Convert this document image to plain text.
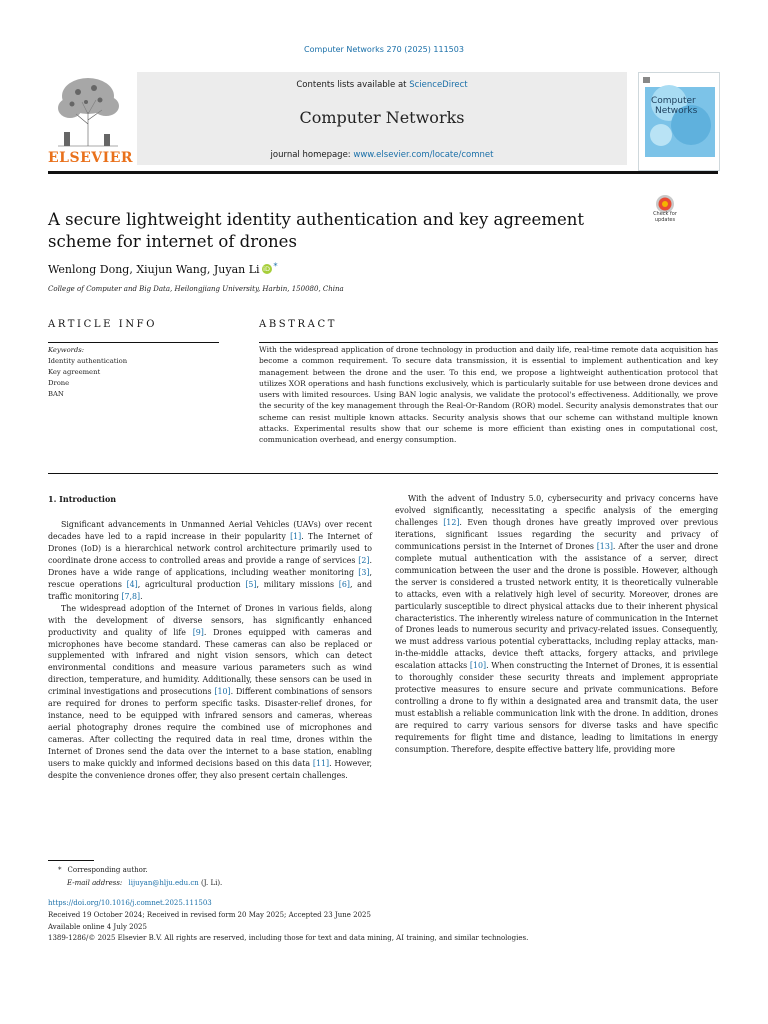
Computer Networks 270 (2025) 111503
ELSEVIER
Contents lists available at ScienceDirect
Computer Networks
journal homepage: www.elsevier.com/locate/comnet
Computer
Networks
Check for
updates
A secure lightweight identity authentication and key agreement scheme for internet of drones
Wenlong Dong, Xiujun Wang, Juyan Li iD *
College of Computer and Big Data, Heilongjiang University, Harbin, 150080, China
ARTICLE INFO	ABSTRACT
Keywords:
Identity authentication
Key agreement
Drone
BAN
With the widespread application of drone technology in production and daily life, real-time remote data acquisition has become a common requirement. To secure data transmission, it is essential to implement authentication and key management between the drone and the user. To this end, we propose a lightweight authentication protocol that utilizes XOR operations and hash functions exclusively, which is particularly suitable for use between drone devices and users with limited resources. Using BAN logic analysis, we validate the protocol's effectiveness. Additionally, we prove the security of the key management through the Real-Or-Random (ROR) model. Security analysis demonstrates that our scheme can resist multiple known attacks. Security analysis shows that our scheme can withstand multiple known attacks. Experimental results show that our scheme is more efficient than existing ones in computational cost, communication overhead, and energy consumption.
1. Introduction

Significant advancements in Unmanned Aerial Vehicles (UAVs) over recent decades have led to a rapid increase in their popularity [1]. The Internet of Drones (IoD) is a hierarchical network control architecture primarily used to coordinate drone access to controlled areas and provide a range of services [2]. Drones have a wide range of applications, including weather monitoring [3], rescue operations [4], agricultural production [5], military missions [6], and traffic monitoring [7,8].

The widespread adoption of the Internet of Drones in various fields, along with the development of diverse sensors, has significantly enhanced productivity and quality of life [9]. Drones equipped with cameras and microphones have become standard. These cameras can also be replaced or supplemented with infrared and night vision sensors, which can detect environmental conditions and measure various parameters such as wind direction, temperature, and humidity. Additionally, these sensors can be used in criminal investigations and prosecutions [10]. Different combinations of sensors are required for drones to perform specific tasks. Disaster-relief drones, for instance, need to be equipped with infrared sensors and cameras, whereas aerial photography drones require the combined use of microphones and cameras. After collecting the required data in real time, drones within the Internet of Drones send the data over the internet to a base station, enabling users to make quickly and informed decisions based on this data [11]. However, despite the convenience drones offer, they also present certain challenges.

With the advent of Industry 5.0, cybersecurity and privacy concerns have evolved significantly, necessitating a specific analysis of the emerging challenges [12]. Even though drones have greatly improved over previous iterations, significant issues regarding the security and privacy of communications persist in the Internet of Drones [13]. After the user and drone complete mutual authentication with the assistance of a server, direct communication between the user and the drone is possible. However, although the server is considered a trusted network entity, it is theoretically vulnerable to attacks, even with a relatively high level of security. Moreover, drones are particularly susceptible to direct physical attacks due to their inherent physical characteristics. The inherently wireless nature of communication in the Internet of Drones leads to numerous security and privacy-related issues. Consequently, we must address various potential cyberattacks, including replay attacks, man-in-the-middle attacks, device theft attacks, forgery attacks, and privilege escalation attacks [10]. When constructing the Internet of Drones, it is essential to thoroughly consider these security threats and implement appropriate protective measures to ensure secure and private communications. Before controlling a drone to fly within a designated area and transmit data, the user must establish a reliable communication link with the drone. In addition, drones are required to carry various sensors for diverse tasks and have specific requirements for flight time and distance, leading to limitations in energy consumption. Therefore, despite effective battery life, providing more

* Corresponding author.
E-mail address: lijuyan@hlju.edu.cn (J. Li).
https://doi.org/10.1016/j.comnet.2025.111503
Received 19 October 2024; Received in revised form 20 May 2025; Accepted 23 June 2025
Available online 4 July 2025
1389-1286/© 2025 Elsevier B.V. All rights are reserved, including those for text and data mining, AI training, and similar technologies.
